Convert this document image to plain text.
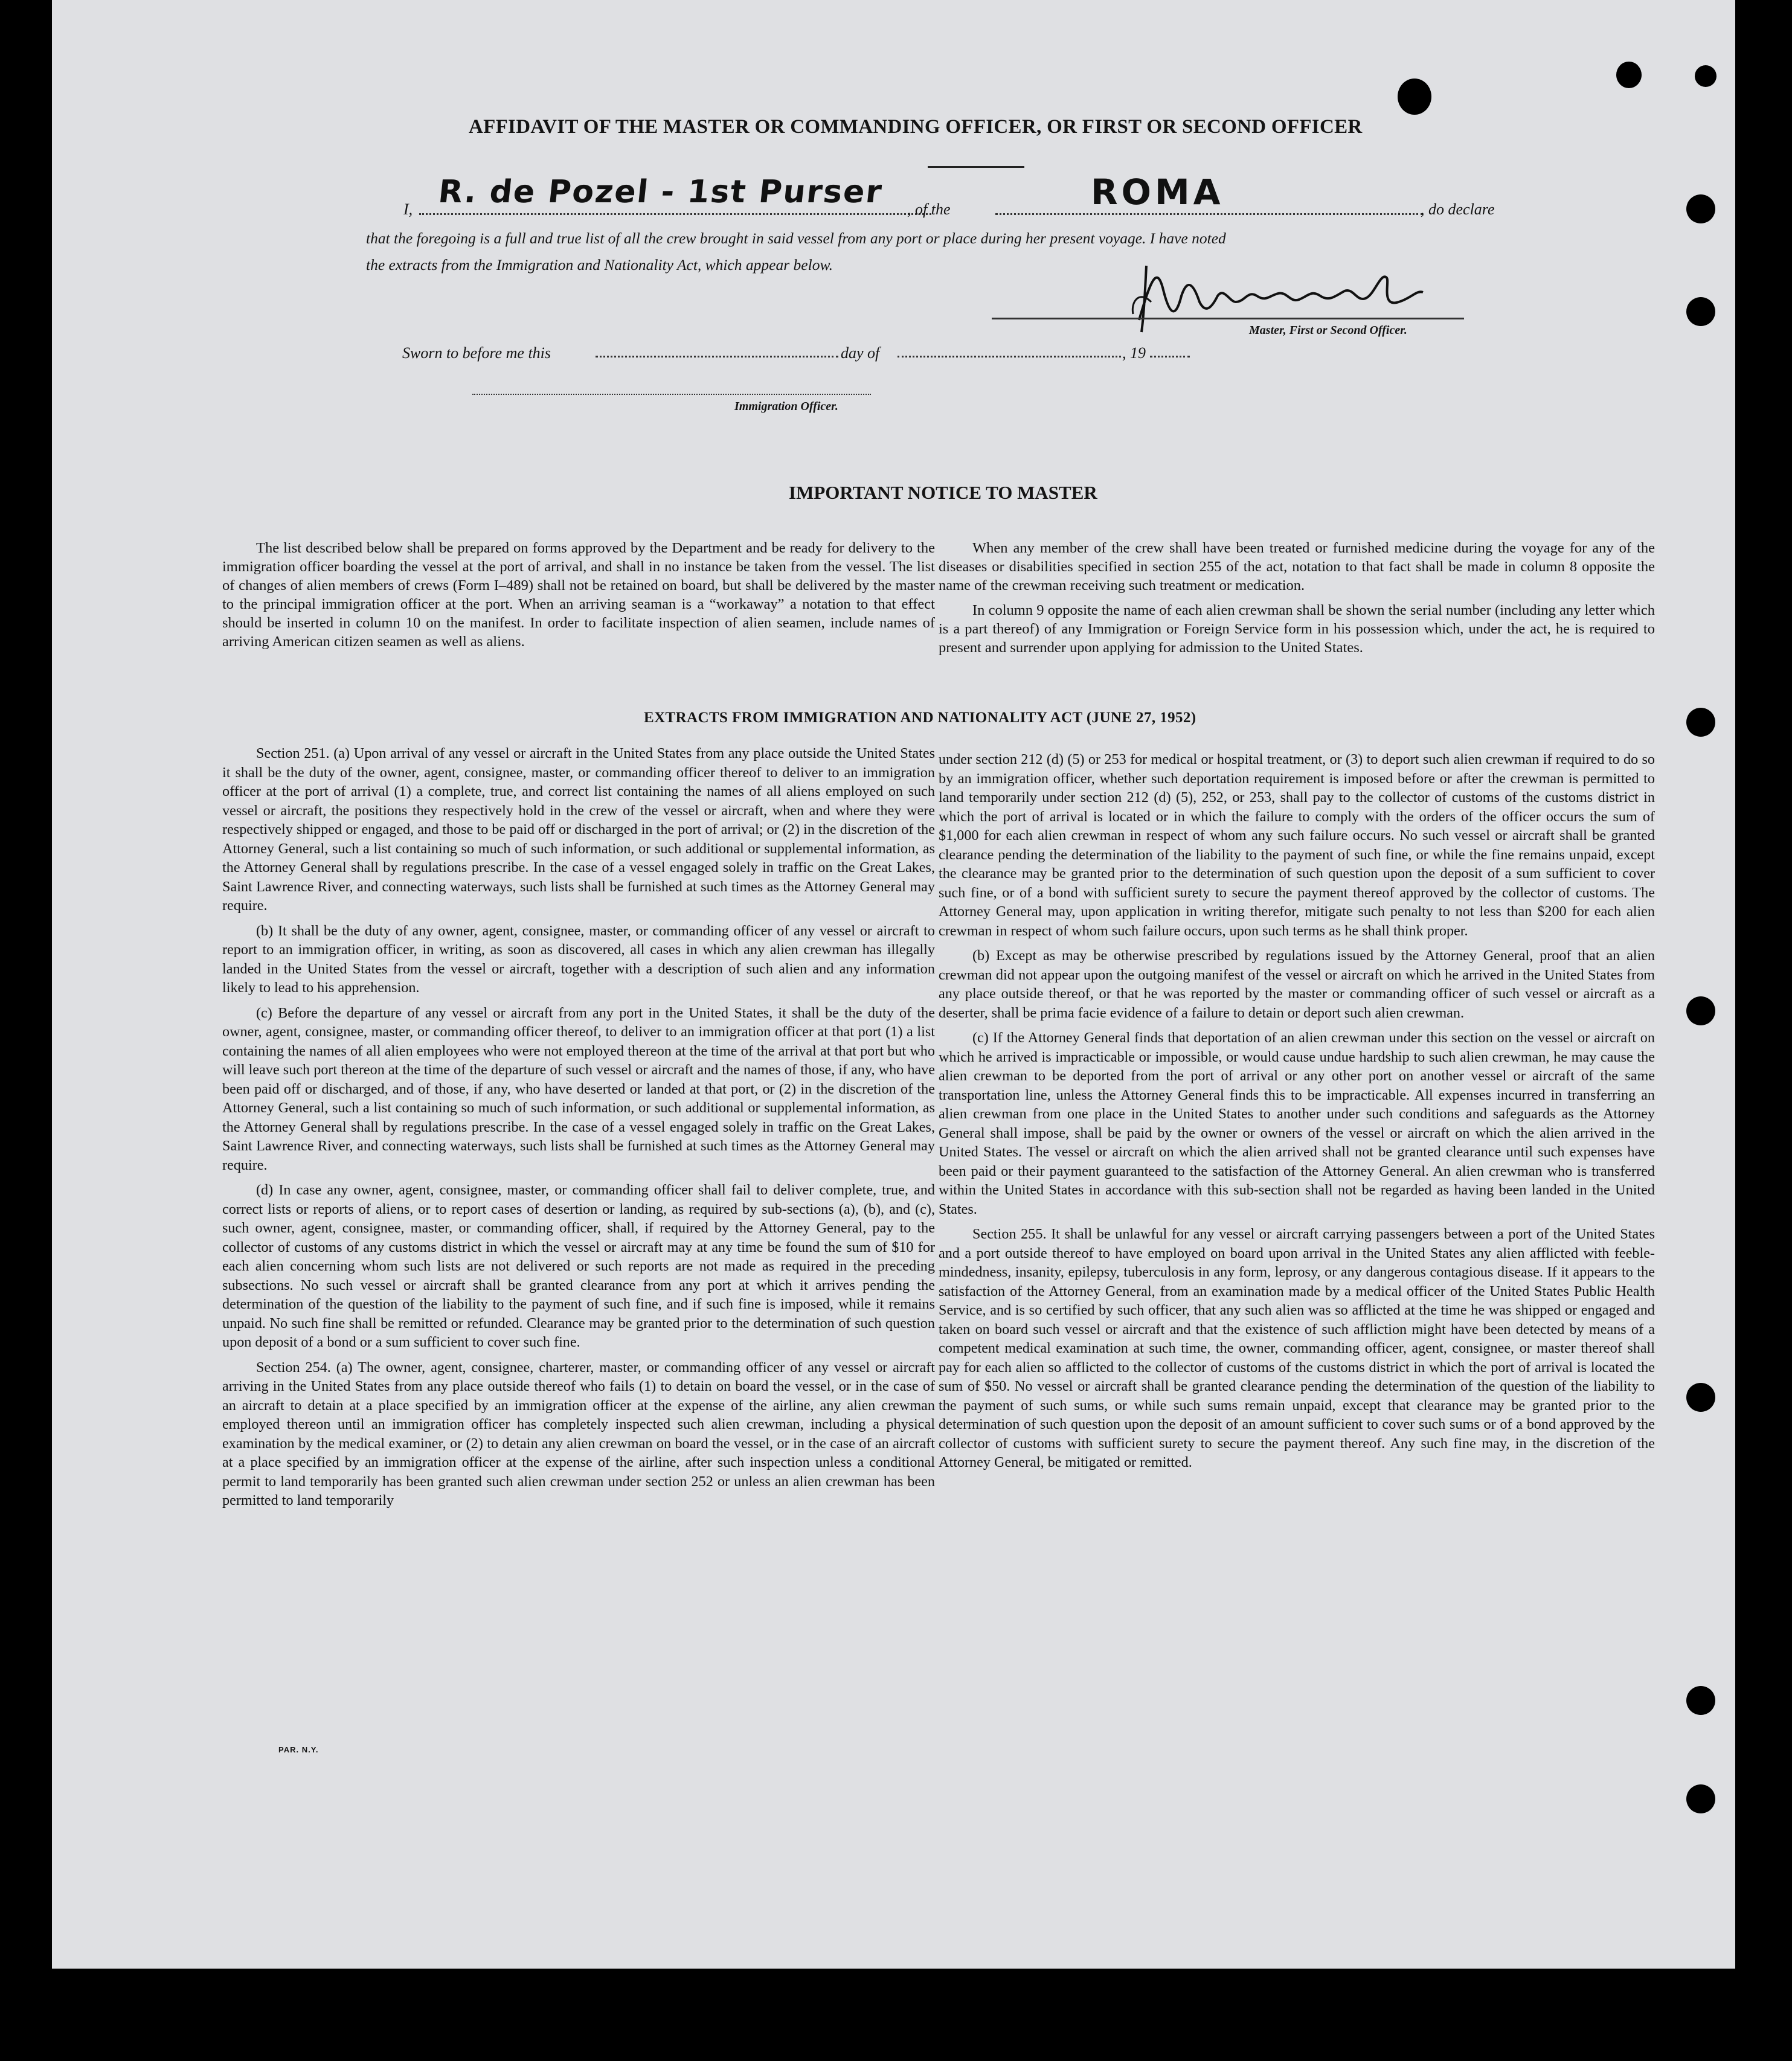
AFFIDAVIT OF THE MASTER OR COMMANDING OFFICER, OR FIRST OR SECOND OFFICER
I, R. de Pozel - 1st Purser , of the	ROMA	, do declare
that the foregoing is a full and true list of all the crew brought in said vessel from any port or place during her present voyage. I have noted
the extracts from the Immigration and Nationality Act, which appear below.
Master, First or Second Officer.
Sworn to before me this	day of	, 19
Immigration Officer.
IMPORTANT NOTICE TO MASTER

The list described below shall be prepared on forms approved by the Department and be ready for delivery to the immigration officer boarding the vessel at the port of arrival, and shall in no instance be taken from the vessel. The list of changes of alien members of crews (Form I–489) shall not be retained on board, but shall be delivered by the master to the principal immigration officer at the port. When an arriving seaman is a “workaway” a notation to that effect should be inserted in column 10 on the manifest. In order to facilitate inspection of alien seamen, include names of arriving American citizen seamen as well as aliens.

When any member of the crew shall have been treated or furnished medicine during the voyage for any of the diseases or disabilities specified in section 255 of the act, notation to that fact shall be made in column 8 opposite the name of the crewman receiving such treatment or medication.

In column 9 opposite the name of each alien crewman shall be shown the serial number (including any letter which is a part thereof) of any Immigration or Foreign Service form in his possession which, under the act, he is required to present and surrender upon applying for admission to the United States.

EXTRACTS FROM IMMIGRATION AND NATIONALITY ACT (JUNE 27, 1952)

Section 251. (a) Upon arrival of any vessel or aircraft in the United States from any place outside the United States it shall be the duty of the owner, agent, consignee, master, or commanding officer thereof to deliver to an immigration officer at the port of arrival (1) a complete, true, and correct list containing the names of all aliens employed on such vessel or aircraft, the positions they respectively hold in the crew of the vessel or aircraft, when and where they were respectively shipped or engaged, and those to be paid off or discharged in the port of arrival; or (2) in the discretion of the Attorney General, such a list containing so much of such information, or such additional or supplemental information, as the Attorney General shall by regulations prescribe. In the case of a vessel engaged solely in traffic on the Great Lakes, Saint Lawrence River, and connecting waterways, such lists shall be furnished at such times as the Attorney General may require.

(b) It shall be the duty of any owner, agent, consignee, master, or commanding officer of any vessel or aircraft to report to an immigration officer, in writing, as soon as discovered, all cases in which any alien crewman has illegally landed in the United States from the vessel or aircraft, together with a description of such alien and any information likely to lead to his apprehension.

(c) Before the departure of any vessel or aircraft from any port in the United States, it shall be the duty of the owner, agent, consignee, master, or commanding officer thereof, to deliver to an immigration officer at that port (1) a list containing the names of all alien employees who were not employed thereon at the time of the arrival at that port but who will leave such port thereon at the time of the departure of such vessel or aircraft and the names of those, if any, who have been paid off or discharged, and of those, if any, who have deserted or landed at that port, or (2) in the discretion of the Attorney General, such a list containing so much of such information, or such additional or supplemental information, as the Attorney General shall by regulations prescribe. In the case of a vessel engaged solely in traffic on the Great Lakes, Saint Lawrence River, and connecting waterways, such lists shall be furnished at such times as the Attorney General may require.

(d) In case any owner, agent, consignee, master, or commanding officer shall fail to deliver complete, true, and correct lists or reports of aliens, or to report cases of desertion or landing, as required by sub-sections (a), (b), and (c), such owner, agent, consignee, master, or commanding officer, shall, if required by the Attorney General, pay to the collector of customs of any customs district in which the vessel or aircraft may at any time be found the sum of $10 for each alien concerning whom such lists are not delivered or such reports are not made as required in the preceding subsections. No such vessel or aircraft shall be granted clearance from any port at which it arrives pending the determination of the question of the liability to the payment of such fine, and if such fine is imposed, while it remains unpaid. No such fine shall be remitted or refunded. Clearance may be granted prior to the determination of such question upon deposit of a bond or a sum sufficient to cover such fine.

Section 254. (a) The owner, agent, consignee, charterer, master, or commanding officer of any vessel or aircraft arriving in the United States from any place outside thereof who fails (1) to detain on board the vessel, or in the case of an aircraft to detain at a place specified by an immigration officer at the expense of the airline, any alien crewman employed thereon until an immigration officer has completely inspected such alien crewman, including a physical examination by the medical examiner, or (2) to detain any alien crewman on board the vessel, or in the case of an aircraft at a place specified by an immigration officer at the expense of the airline, after such inspection unless a conditional permit to land temporarily has been granted such alien crewman under section 252 or unless an alien crewman has been permitted to land temporarily

under section 212 (d) (5) or 253 for medical or hospital treatment, or (3) to deport such alien crewman if required to do so by an immigration officer, whether such deportation requirement is imposed before or after the crewman is permitted to land temporarily under section 212 (d) (5), 252, or 253, shall pay to the collector of customs of the customs district in which the port of arrival is located or in which the failure to comply with the orders of the officer occurs the sum of $1,000 for each alien crewman in respect of whom any such failure occurs. No such vessel or aircraft shall be granted clearance pending the determination of the liability to the payment of such fine, or while the fine remains unpaid, except the clearance may be granted prior to the determination of such question upon the deposit of a sum sufficient to cover such fine, or of a bond with sufficient surety to secure the payment thereof approved by the collector of customs. The Attorney General may, upon application in writing therefor, mitigate such penalty to not less than $200 for each alien crewman in respect of whom such failure occurs, upon such terms as he shall think proper.

(b) Except as may be otherwise prescribed by regulations issued by the Attorney General, proof that an alien crewman did not appear upon the outgoing manifest of the vessel or aircraft on which he arrived in the United States from any place outside thereof, or that he was reported by the master or commanding officer of such vessel or aircraft as a deserter, shall be prima facie evidence of a failure to detain or deport such alien crewman.

(c) If the Attorney General finds that deportation of an alien crewman under this section on the vessel or aircraft on which he arrived is impracticable or impossible, or would cause undue hardship to such alien crewman, he may cause the alien crewman to be deported from the port of arrival or any other port on another vessel or aircraft of the same transportation line, unless the Attorney General finds this to be impracticable. All expenses incurred in transferring an alien crewman from one place in the United States to another under such conditions and safeguards as the Attorney General shall impose, shall be paid by the owner or owners of the vessel or aircraft on which the alien arrived in the United States. The vessel or aircraft on which the alien arrived shall not be granted clearance until such expenses have been paid or their payment guaranteed to the satisfaction of the Attorney General. An alien crewman who is transferred within the United States in accordance with this sub-section shall not be regarded as having been landed in the United States.

Section 255. It shall be unlawful for any vessel or aircraft carrying passengers between a port of the United States and a port outside thereof to have employed on board upon arrival in the United States any alien afflicted with feeble-mindedness, insanity, epilepsy, tuberculosis in any form, leprosy, or any dangerous contagious disease. If it appears to the satisfaction of the Attorney General, from an examination made by a medical officer of the United States Public Health Service, and is so certified by such officer, that any such alien was so afflicted at the time he was shipped or engaged and taken on board such vessel or aircraft and that the existence of such affliction might have been detected by means of a competent medical examination at such time, the owner, commanding officer, agent, consignee, or master thereof shall pay for each alien so afflicted to the collector of customs of the customs district in which the port of arrival is located the sum of $50. No vessel or aircraft shall be granted clearance pending the determination of the question of the liability to the payment of such sums, or while such sums remain unpaid, except that clearance may be granted prior to the determination of such question upon the deposit of an amount sufficient to cover such sums or of a bond approved by the collector of customs with sufficient surety to secure the payment thereof. Any such fine may, in the discretion of the Attorney General, be mitigated or remitted.

PAR. N.Y.
